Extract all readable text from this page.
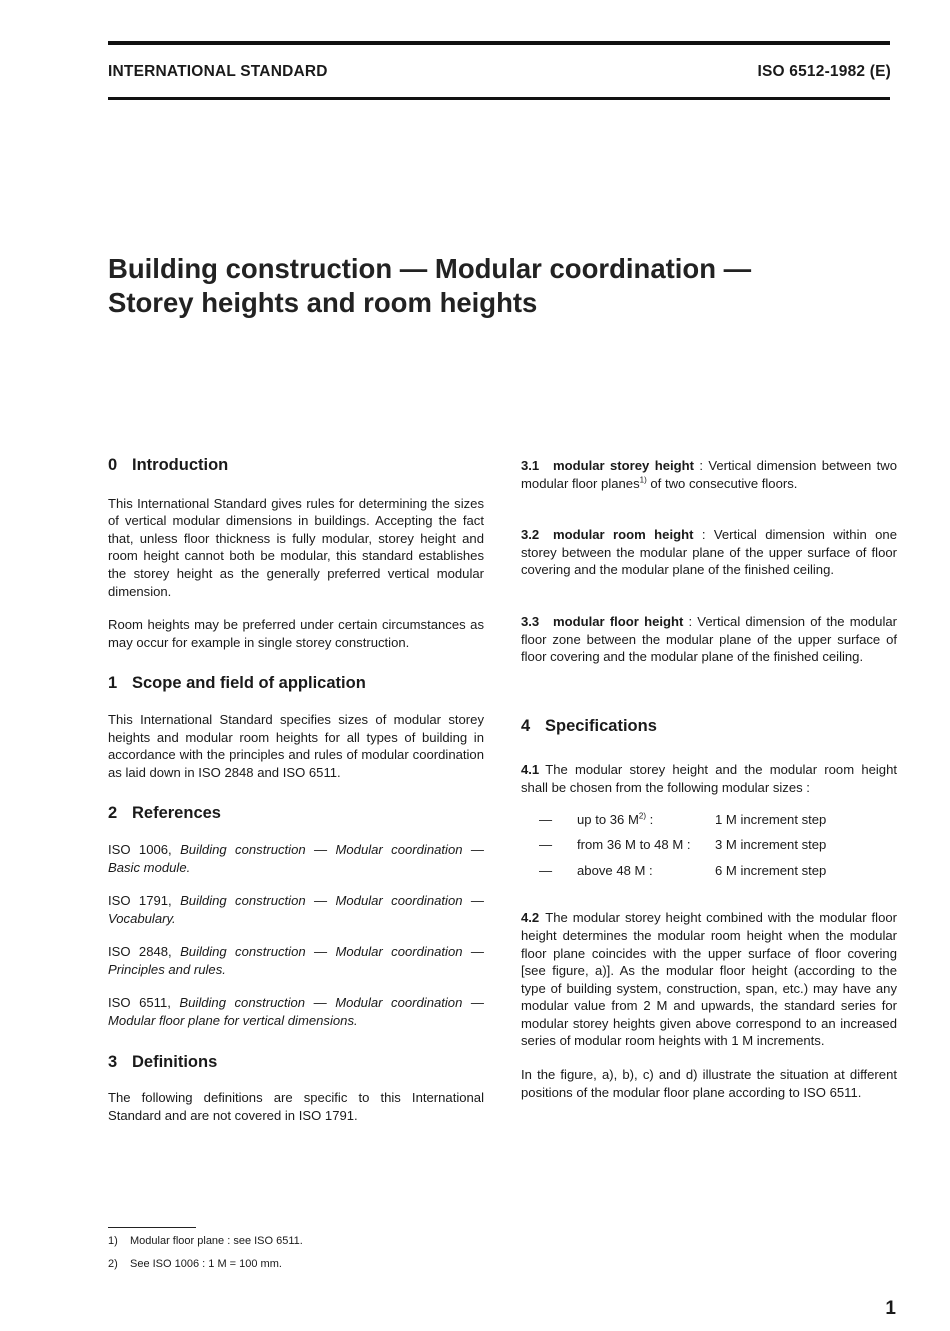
INTERNATIONAL STANDARD	ISO 6512-1982 (E)
Building construction — Modular coordination —
Storey heights and room heights
0 Introduction

This International Standard gives rules for determining the sizes of vertical modular dimensions in buildings. Accepting the fact that, unless floor thickness is fully modular, storey height and room height cannot both be modular, this standard establishes the storey height as the generally preferred vertical modular dimension.

Room heights may be preferred under certain circumstances as may occur for example in single storey construction.

1 Scope and field of application

This International Standard specifies sizes of modular storey heights and modular room heights for all types of building in accordance with the principles and rules of modular coordination as laid down in ISO 2848 and ISO 6511.

2 References

ISO 1006, Building construction — Modular coordination — Basic module.

ISO 1791, Building construction — Modular coordination — Vocabulary.

ISO 2848, Building construction — Modular coordination — Principles and rules.

ISO 6511, Building construction — Modular coordination — Modular floor plane for vertical dimensions.

3 Definitions

The following definitions are specific to this International Standard and are not covered in ISO 1791.

3.1 modular storey height : Vertical dimension between two modular floor planes$^{1)}$ of two consecutive floors.

3.2 modular room height : Vertical dimension within one storey between the modular plane of the upper surface of floor covering and the modular plane of the finished ceiling.

3.3 modular floor height : Vertical dimension of the modular floor zone between the modular plane of the upper surface of floor covering and the modular plane of the finished ceiling.

4 Specifications

4.1 The modular storey height and the modular room height shall be chosen from the following modular sizes :

—	up to 36 $M^{2)}$ :	1 M increment step
—	from 36 M to 48 M :	3 M increment step
—	above 48 M :	6 M increment step

4.2 The modular storey height combined with the modular floor height determines the modular room height when the modular floor plane coincides with the upper surface of floor covering [see figure, a)]. As the modular floor height (according to the type of building system, construction, span, etc.) may have any modular value from 2 M and upwards, the standard series for modular storey heights given above correspond to an increased series of modular room heights with 1 M increments.

In the figure, a), b), c) and d) illustrate the situation at different positions of the modular floor plane according to ISO 6511.

1) Modular floor plane : see ISO 6511.
2) See ISO 1006 : 1 M = 100 mm.
1
